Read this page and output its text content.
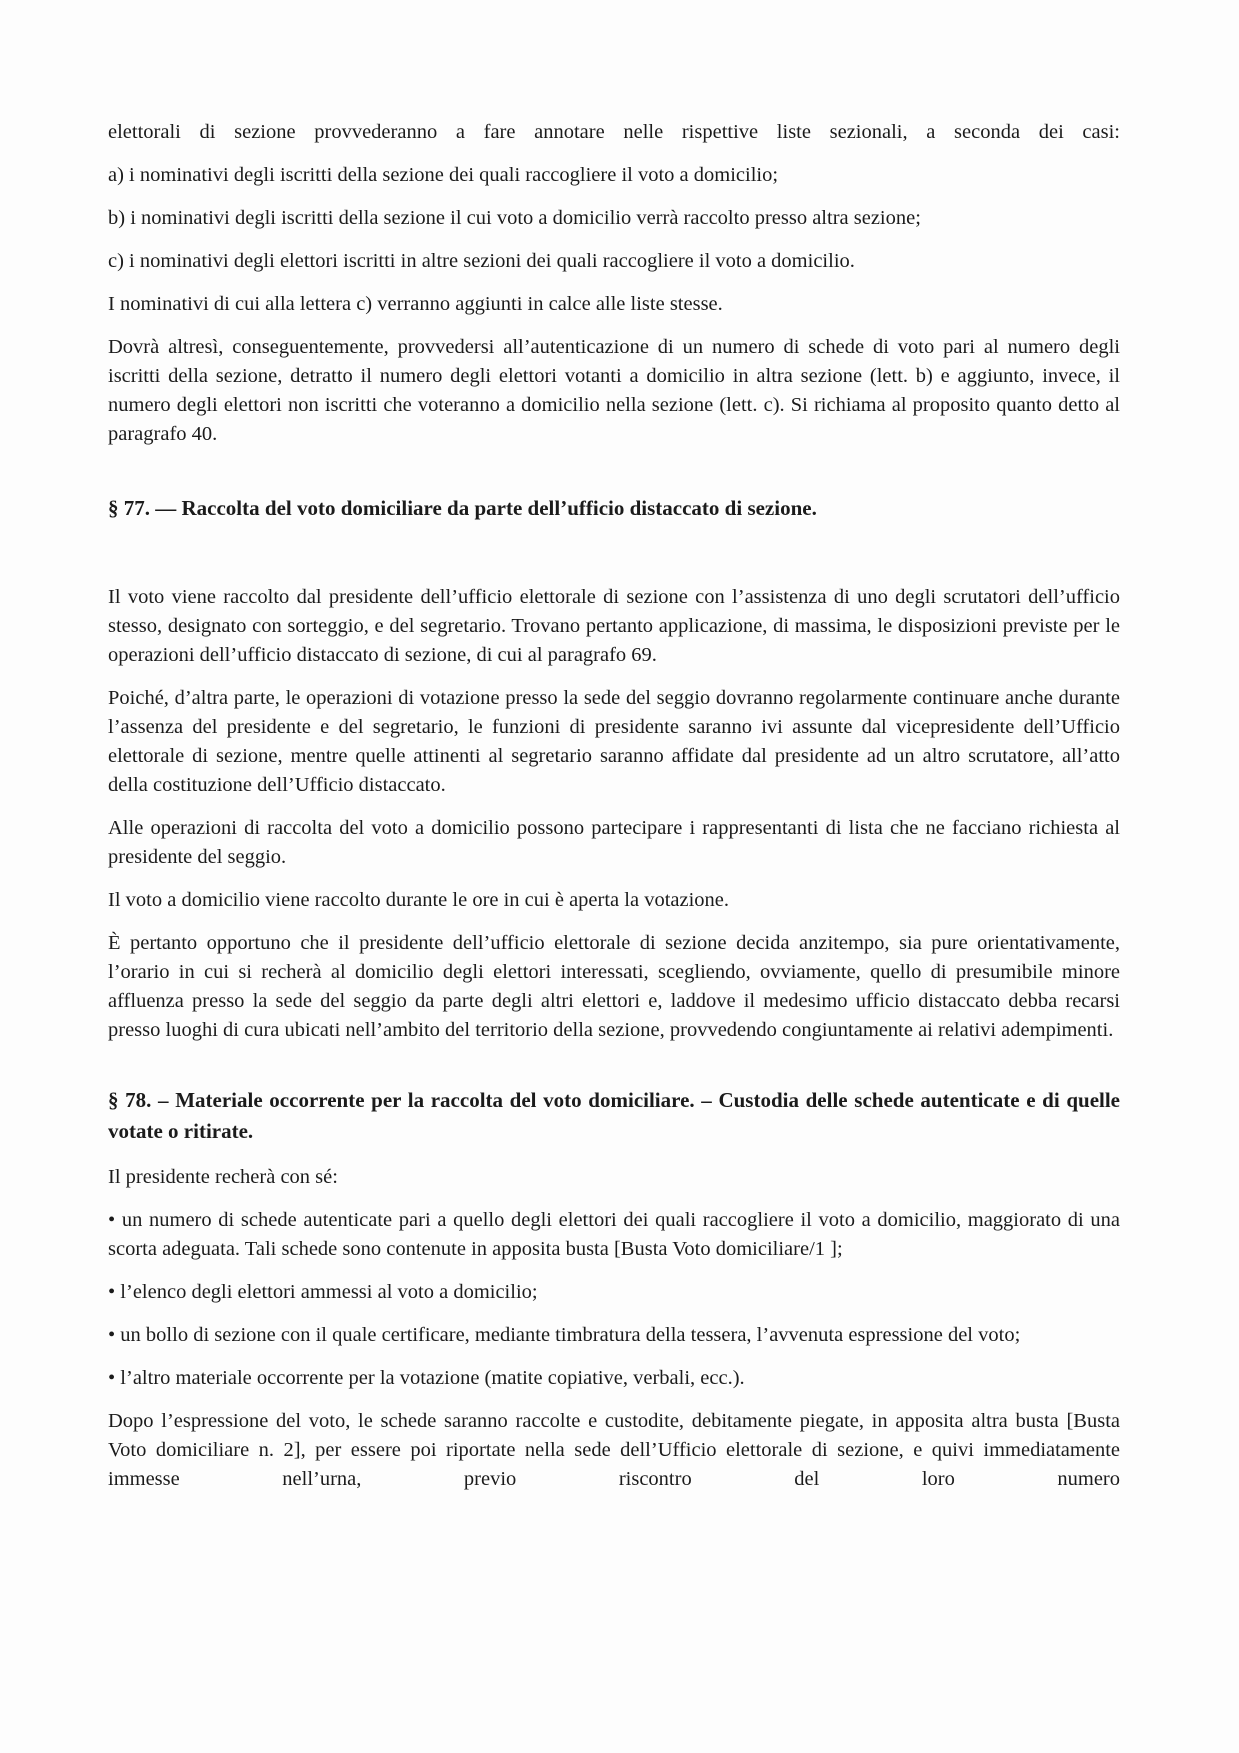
elettorali di sezione provvederanno a fare annotare nelle rispettive liste sezionali, a seconda dei casi:

a) i nominativi degli iscritti della sezione dei quali raccogliere il voto a domicilio;

b) i nominativi degli iscritti della sezione il cui voto a domicilio verrà raccolto presso altra sezione;

c) i nominativi degli elettori iscritti in altre sezioni dei quali raccogliere il voto a domicilio.

I nominativi di cui alla lettera c) verranno aggiunti in calce alle liste stesse.

Dovrà altresì, conseguentemente, provvedersi all’autenticazione di un numero di schede di voto pari al numero degli iscritti della sezione, detratto il numero degli elettori votanti a domicilio in altra sezione (lett. b) e aggiunto, invece, il numero degli elettori non iscritti che voteranno a domicilio nella sezione (lett. c). Si richiama al proposito quanto detto al paragrafo 40.

§ 77. — Raccolta del voto domiciliare da parte dell’ufficio distaccato di sezione.

Il voto viene raccolto dal presidente dell’ufficio elettorale di sezione con l’assistenza di uno degli scrutatori dell’ufficio stesso, designato con sorteggio, e del segretario. Trovano pertanto applicazione, di massima, le disposizioni previste per le operazioni dell’ufficio distaccato di sezione, di cui al paragrafo 69.

Poiché, d’altra parte, le operazioni di votazione presso la sede del seggio dovranno regolarmente continuare anche durante l’assenza del presidente e del segretario, le funzioni di presidente saranno ivi assunte dal vicepresidente dell’Ufficio elettorale di sezione, mentre quelle attinenti al segretario saranno affidate dal presidente ad un altro scrutatore, all’atto della costituzione dell’Ufficio distaccato.

Alle operazioni di raccolta del voto a domicilio possono partecipare i rappresentanti di lista che ne facciano richiesta al presidente del seggio.

Il voto a domicilio viene raccolto durante le ore in cui è aperta la votazione.

È pertanto opportuno che il presidente dell’ufficio elettorale di sezione decida anzitempo, sia pure orientativamente, l’orario in cui si recherà al domicilio degli elettori interessati, scegliendo, ovviamente, quello di presumibile minore affluenza presso la sede del seggio da parte degli altri elettori e, laddove il medesimo ufficio distaccato debba recarsi presso luoghi di cura ubicati nell’ambito del territorio della sezione, provvedendo congiuntamente ai relativi adempimenti.

§ 78. – Materiale occorrente per la raccolta del voto domiciliare. – Custodia delle schede autenticate e di quelle votate o ritirate.

Il presidente recherà con sé:

• un numero di schede autenticate pari a quello degli elettori dei quali raccogliere il voto a domicilio, maggiorato di una scorta adeguata. Tali schede sono contenute in apposita busta [Busta Voto domiciliare/1 ];

• l’elenco degli elettori ammessi al voto a domicilio;

• un bollo di sezione con il quale certificare, mediante timbratura della tessera, l’avvenuta espressione del voto;

• l’altro materiale occorrente per la votazione (matite copiative, verbali, ecc.).

Dopo l’espressione del voto, le schede saranno raccolte e custodite, debitamente piegate, in apposita altra busta [Busta Voto domiciliare n. 2], per essere poi riportate nella sede dell’Ufficio elettorale di sezione, e quivi immediatamente immesse nell’urna, previo riscontro del loro numero
